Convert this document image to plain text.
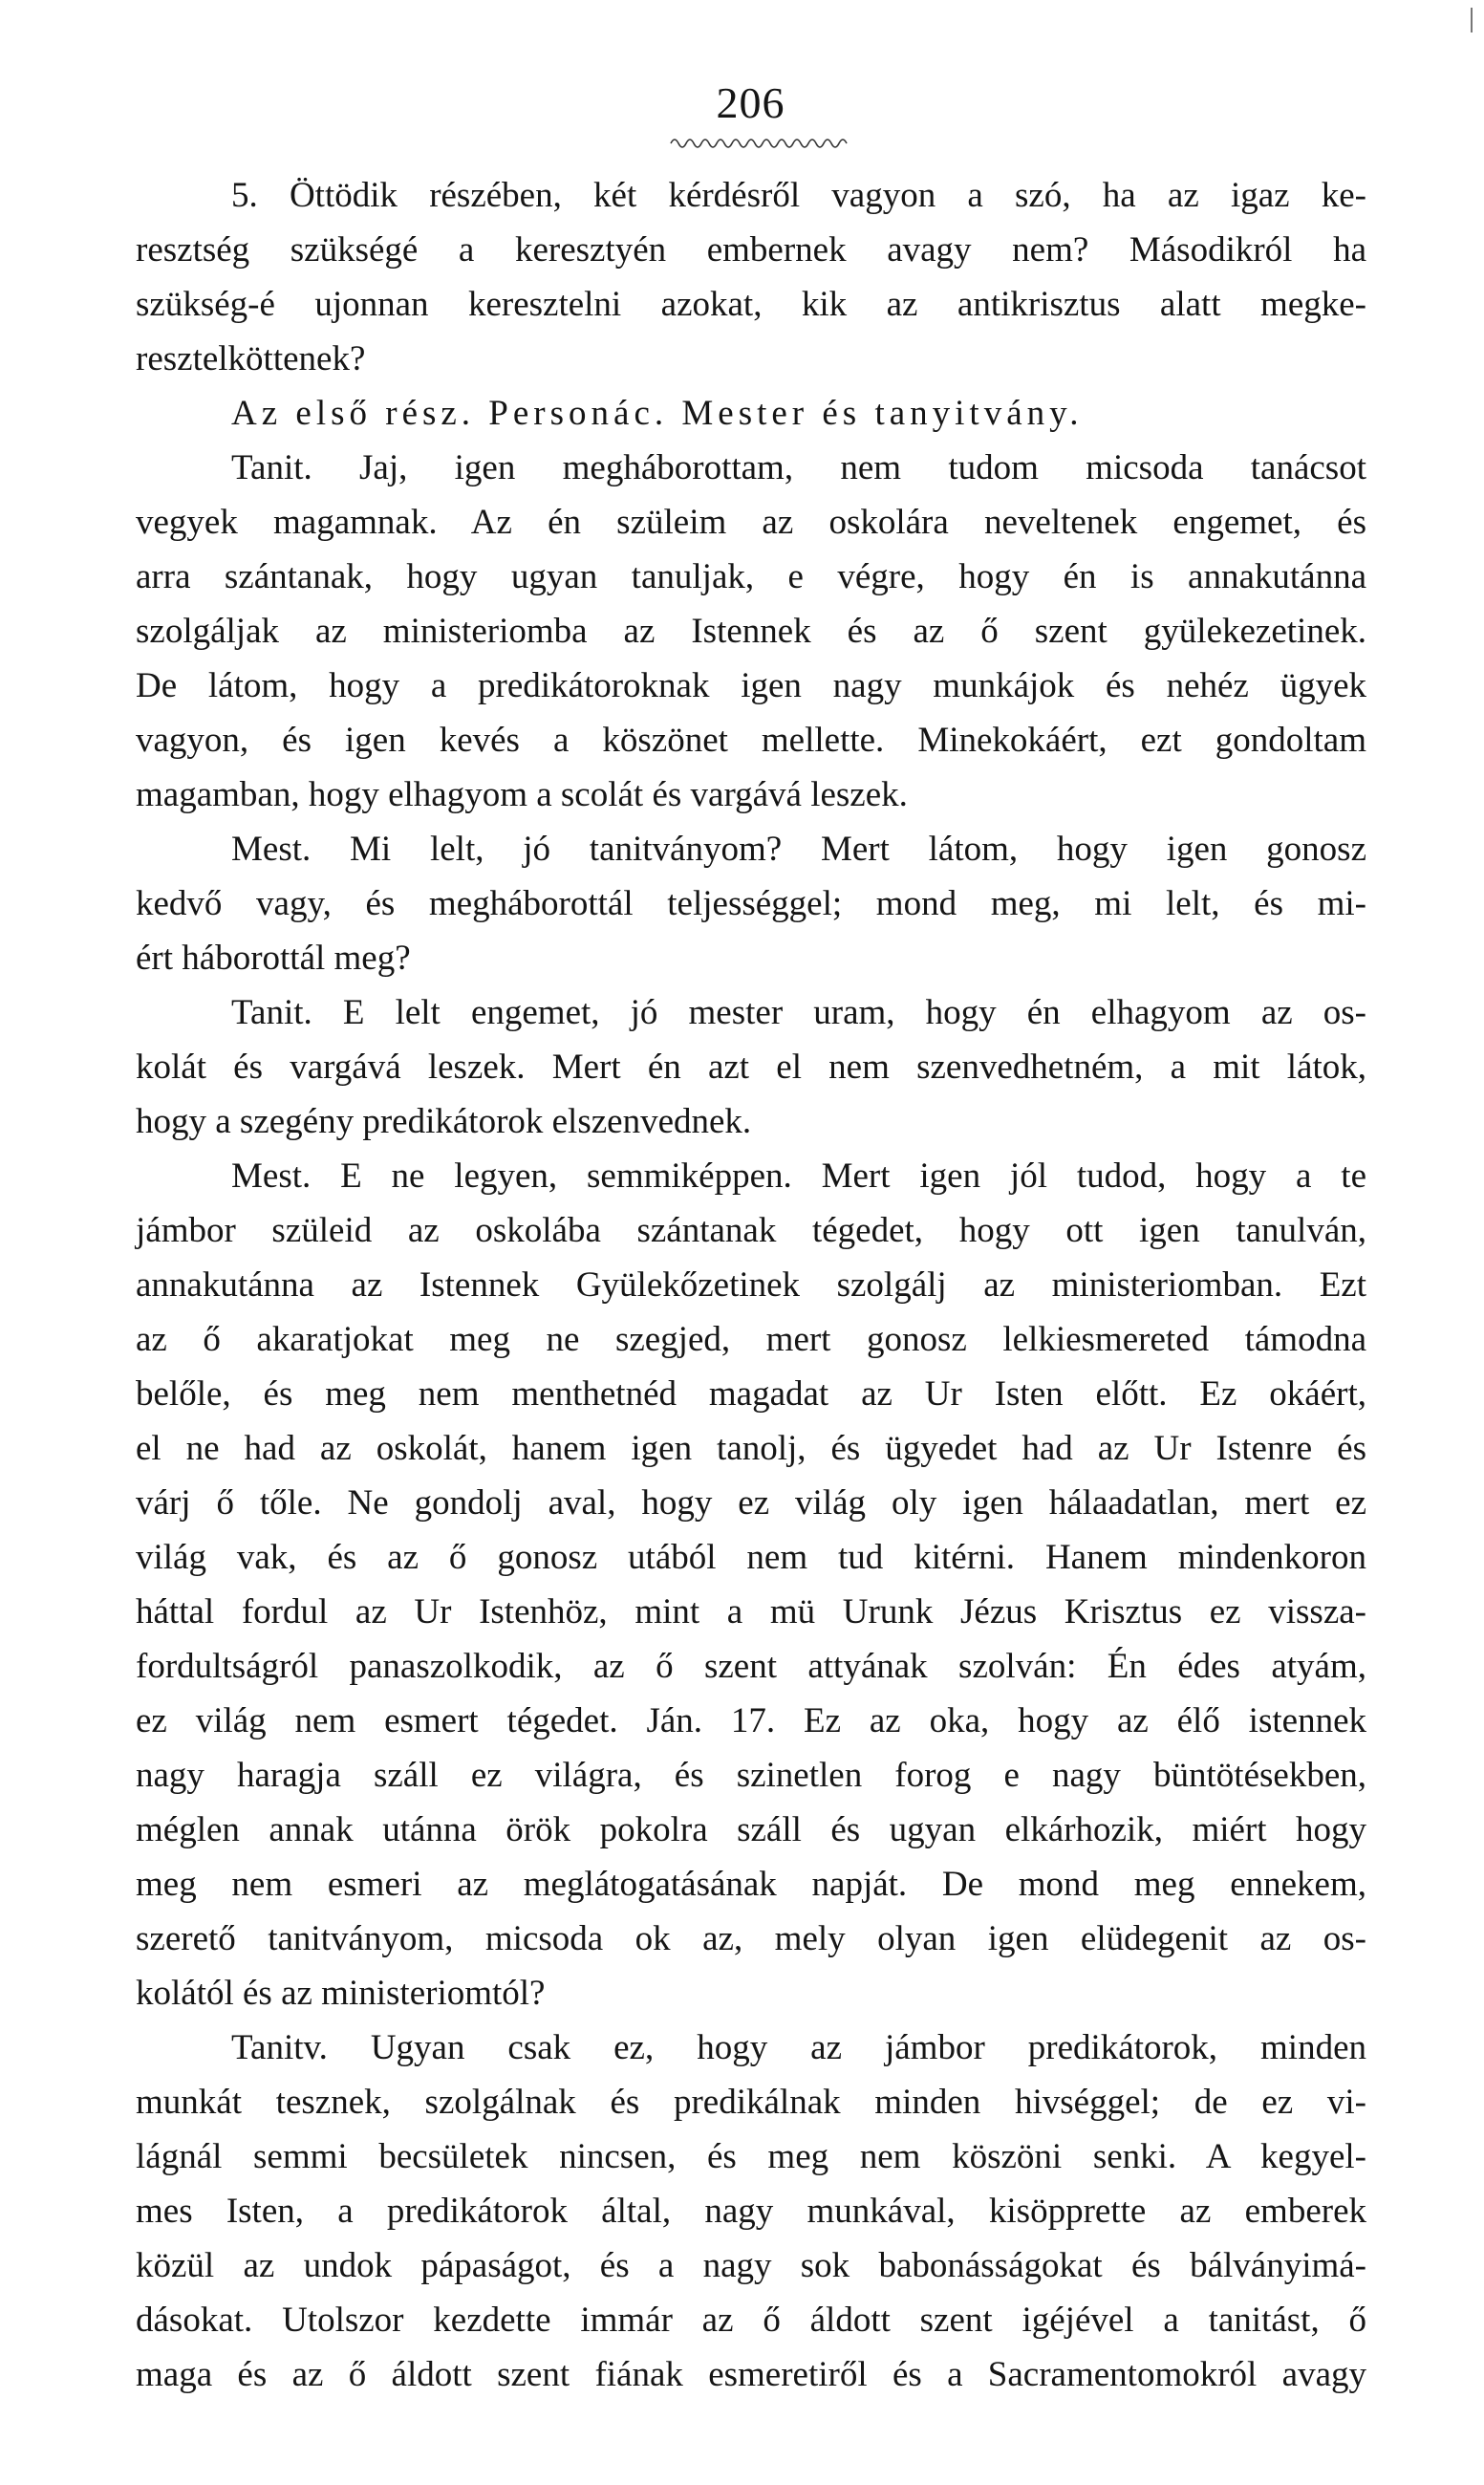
206
5. Öttödik részében, két kérdésről vagyon a szó, ha az igaz ke-
resztség szükségé a keresztyén embernek avagy nem? Másodikról ha
szükség-é ujonnan keresztelni azokat, kik az antikrisztus alatt megke-
resztelköttenek?
Az első rész. Personác. Mester és tanyitvány.
Tanit. Jaj, igen megháborottam, nem tudom micsoda tanácsot
vegyek magamnak. Az én szüleim az oskolára neveltenek engemet, és
arra szántanak, hogy ugyan tanuljak, e végre, hogy én is annakutánna
szolgáljak az ministeriomba az Istennek és az ő szent gyülekezetinek.
De látom, hogy a predikátoroknak igen nagy munkájok és nehéz ügyek
vagyon, és igen kevés a köszönet mellette. Minekokáért, ezt gondoltam
magamban, hogy elhagyom a scolát és vargává leszek.
Mest. Mi lelt, jó tanitványom? Mert látom, hogy igen gonosz
kedvő vagy, és megháborottál teljességgel; mond meg, mi lelt, és mi-
ért háborottál meg?
Tanit. E lelt engemet, jó mester uram, hogy én elhagyom az os-
kolát és vargává leszek. Mert én azt el nem szenvedhetném, a mit látok,
hogy a szegény predikátorok elszenvednek.
Mest. E ne legyen, semmiképpen. Mert igen jól tudod, hogy a te
jámbor szüleid az oskolába szántanak tégedet, hogy ott igen tanulván,
annakutánna az Istennek Gyülekőzetinek szolgálj az ministeriomban. Ezt
az ő akaratjokat meg ne szegjed, mert gonosz lelkiesmereted támodna
belőle, és meg nem menthetnéd magadat az Ur Isten előtt. Ez okáért,
el ne had az oskolát, hanem igen tanolj, és ügyedet had az Ur Istenre és
várj ő tőle. Ne gondolj aval, hogy ez világ oly igen hálaadatlan, mert ez
világ vak, és az ő gonosz utából nem tud kitérni. Hanem mindenkoron
háttal fordul az Ur Istenhöz, mint a mü Urunk Jézus Krisztus ez vissza-
fordultságról panaszolkodik, az ő szent attyának szolván: Én édes atyám,
ez világ nem esmert tégedet. Ján. 17. Ez az oka, hogy az élő istennek
nagy haragja száll ez világra, és szinetlen forog e nagy büntötésekben,
méglen annak utánna örök pokolra száll és ugyan elkárhozik, miért hogy
meg nem esmeri az meglátogatásának napját. De mond meg ennekem,
szerető tanitványom, micsoda ok az, mely olyan igen elüdegenit az os-
kolától és az ministeriomtól?
Tanitv. Ugyan csak ez, hogy az jámbor predikátorok, minden
munkát tesznek, szolgálnak és predikálnak minden hivséggel; de ez vi-
lágnál semmi becsületek nincsen, és meg nem köszöni senki. A kegyel-
mes Isten, a predikátorok által, nagy munkával, kisöpprette az emberek
közül az undok pápaságot, és a nagy sok babonásságokat és bálványimá-
dásokat. Utolszor kezdette immár az ő áldott szent igéjével a tanitást, ő
maga és az ő áldott szent fiának esmeretiről és a Sacramentomokról avagy
